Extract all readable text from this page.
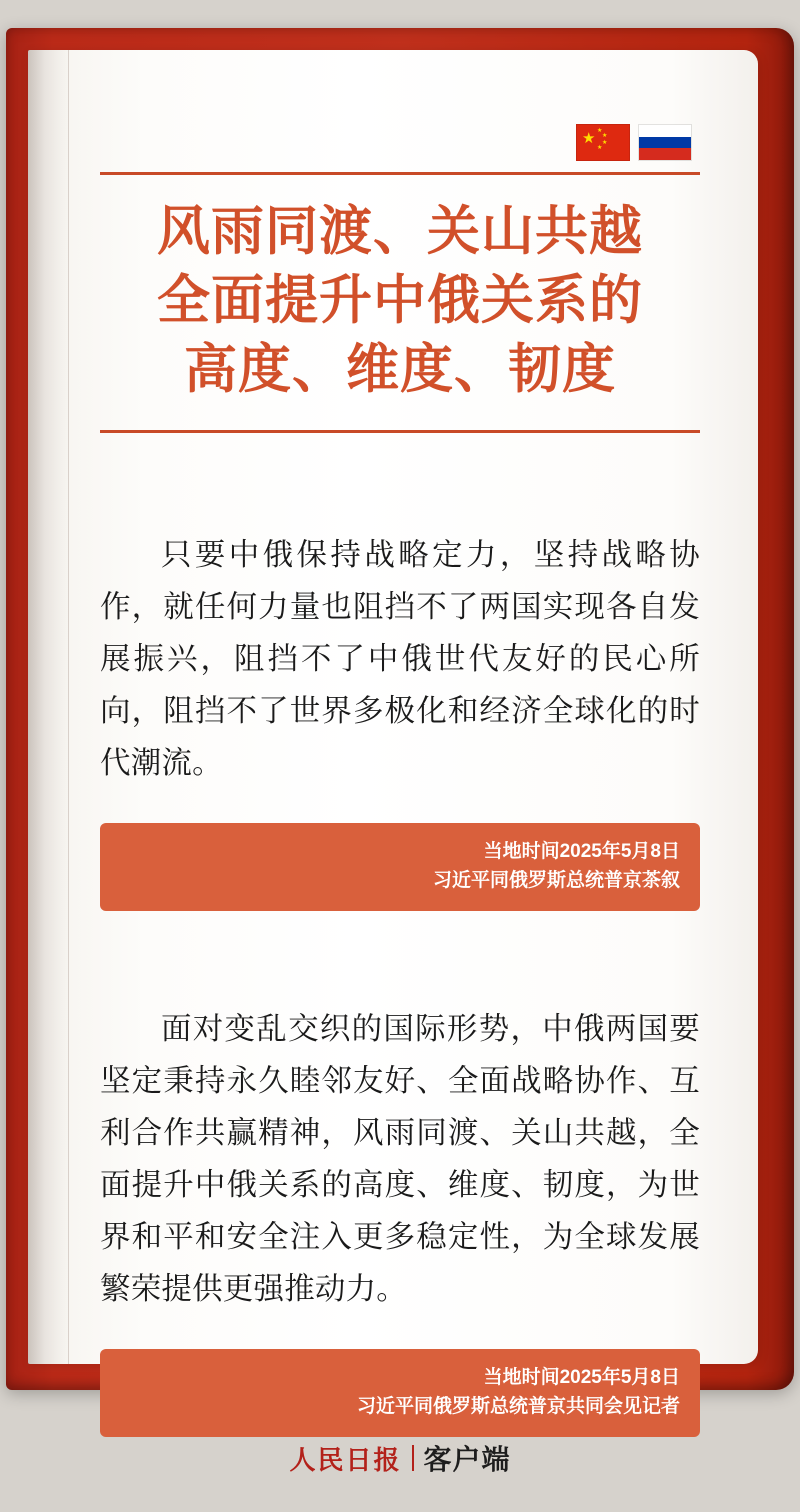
★ ★
★
★
★
风雨同渡、关山共越
全面提升中俄关系的
高度、维度、韧度

只要中俄保持战略定力，坚持战略协作，就任何力量也阻挡不了两国实现各自发展振兴，阻挡不了中俄世代友好的民心所向，阻挡不了世界多极化和经济全球化的时代潮流。

当地时间2025年5月8日
习近平同俄罗斯总统普京茶叙

面对变乱交织的国际形势，中俄两国要坚定秉持永久睦邻友好、全面战略协作、互利合作共赢精神，风雨同渡、关山共越，全面提升中俄关系的高度、维度、韧度，为世界和平和安全注入更多稳定性，为全球发展繁荣提供更强推动力。

当地时间2025年5月8日
习近平同俄罗斯总统普京共同会见记者
人民日报 客户端
